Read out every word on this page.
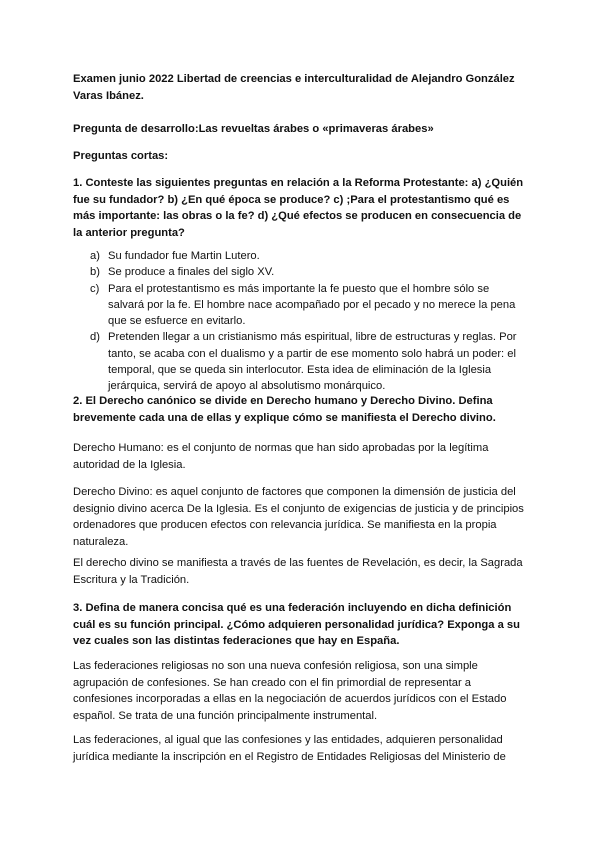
Examen junio 2022 Libertad de creencias e interculturalidad de Alejandro González Varas Ibánez.
Pregunta de desarrollo:Las revueltas árabes o «primaveras árabes»
Preguntas cortas:
1. Conteste las siguientes preguntas en relación a la Reforma Protestante: a) ¿Quién fue su fundador? b) ¿En qué época se produce? c) ;Para el protestantismo qué es más importante: las obras o la fe? d) ¿Qué efectos se producen en consecuencia de la anterior pregunta?
a) Su fundador fue Martin Lutero.
b) Se produce a finales del siglo XV.
c) Para el protestantismo es más importante la fe puesto que el hombre sólo se salvará por la fe. El hombre nace acompañado por el pecado y no merece la pena que se esfuerce en evitarlo.
d) Pretenden llegar a un cristianismo más espiritual, libre de estructuras y reglas. Por tanto, se acaba con el dualismo y a partir de ese momento solo habrá un poder: el temporal, que se queda sin interlocutor. Esta idea de eliminación de la Iglesia jerárquica, servirá de apoyo al absolutismo monárquico.
2. El Derecho canónico se divide en Derecho humano y Derecho Divino. Defina brevemente cada una de ellas y explique cómo se manifiesta el Derecho divino.

Derecho Humano: es el conjunto de normas que han sido aprobadas por la legítima autoridad de la Iglesia.

Derecho Divino: es aquel conjunto de factores que componen la dimensión de justicia del designio divino acerca De la Iglesia. Es el conjunto de exigencias de justicia y de principios ordenadores que producen efectos con relevancia jurídica. Se manifiesta en la propia naturaleza.

El derecho divino se manifiesta a través de las fuentes de Revelación, es decir, la Sagrada Escritura y la Tradición.

3. Defina de manera concisa qué es una federación incluyendo en dicha definición cuál es su función principal. ¿Cómo adquieren personalidad jurídica? Exponga a su vez cuales son las distintas federaciones que hay en España.

Las federaciones religiosas no son una nueva confesión religiosa, son una simple agrupación de confesiones. Se han creado con el fin primordial de representar a confesiones incorporadas a ellas en la negociación de acuerdos jurídicos con el Estado español. Se trata de una función principalmente instrumental.

Las federaciones, al igual que las confesiones y las entidades, adquieren personalidad jurídica mediante la inscripción en el Registro de Entidades Religiosas del Ministerio de
